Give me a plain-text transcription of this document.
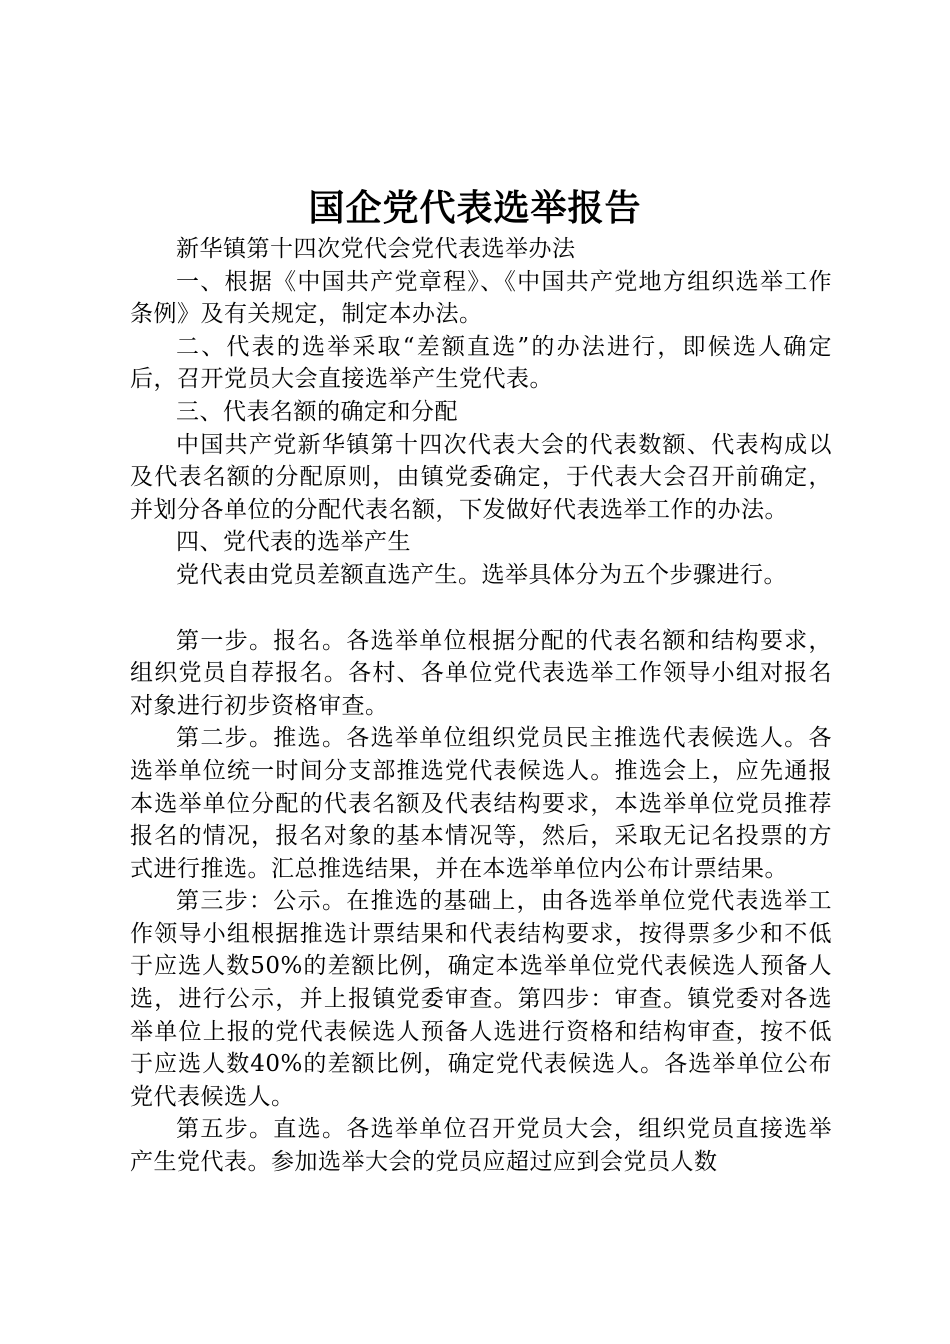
国企党代表选举报告

新华镇第十四次党代会党代表选举办法

一、根据《中国共产党章程》、《中国共产党地方组织选举工作条例》及有关规定，制定本办法。

二、代表的选举采取“差额直选”的办法进行，即候选人确定后，召开党员大会直接选举产生党代表。

三、代表名额的确定和分配

中国共产党新华镇第十四次代表大会的代表数额、代表构成以及代表名额的分配原则，由镇党委确定，于代表大会召开前确定，并划分各单位的分配代表名额，下发做好代表选举工作的办法。

四、党代表的选举产生

党代表由党员差额直选产生。选举具体分为五个步骤进行。

第一步。报名。各选举单位根据分配的代表名额和结构要求，组织党员自荐报名。各村、各单位党代表选举工作领导小组对报名对象进行初步资格审查。

第二步。推选。各选举单位组织党员民主推选代表候选人。各选举单位统一时间分支部推选党代表候选人。推选会上，应先通报本选举单位分配的代表名额及代表结构要求，本选举单位党员推荐报名的情况，报名对象的基本情况等，然后，采取无记名投票的方式进行推选。汇总推选结果，并在本选举单位内公布计票结果。

第三步：公示。在推选的基础上，由各选举单位党代表选举工作领导小组根据推选计票结果和代表结构要求，按得票多少和不低于应选人数50%的差额比例，确定本选举单位党代表候选人预备人选，进行公示，并上报镇党委审查。第四步：审查。镇党委对各选举单位上报的党代表候选人预备人选进行资格和结构审查，按不低于应选人数40%的差额比例，确定党代表候选人。各选举单位公布党代表候选人。

第五步。直选。各选举单位召开党员大会，组织党员直接选举产生党代表。参加选举大会的党员应超过应到会党员人数
